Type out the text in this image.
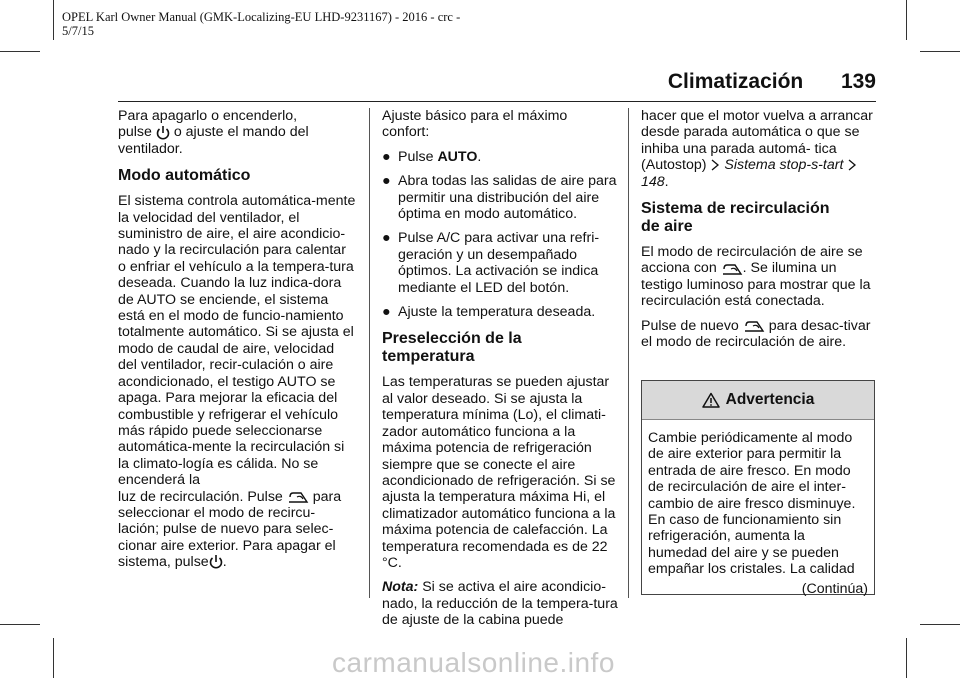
OPEL Karl Owner Manual (GMK-Localizing-EU LHD-9231167) - 2016 - crc -
5/7/15
Climatización 139

Para apagarlo o encenderlo,
pulse o ajuste el mando del
ventilador.

Modo automático

El sistema controla automática-mente la velocidad del ventilador, el suministro de aire, el aire acondicio-nado y la recirculación para calentar o enfriar el vehículo a la tempera-tura deseada. Cuando la luz indica-dora de AUTO se enciende, el sistema está en el modo de funcio-namiento totalmente automático. Si se ajusta el modo de caudal de aire, velocidad del ventilador, recir-culación o aire acondicionado, el testigo AUTO se apaga. Para mejorar la eficacia del combustible y refrigerar el vehículo más rápido puede seleccionarse automática-mente la recirculación si la climato-logía es cálida. No se encenderá la

luz de recirculación. Pulse para seleccionar el modo de recircu-lación; pulse de nuevo para selec-cionar aire exterior. Para apagar el sistema, pulse .

Ajuste básico para el máximo confort:

● Pulse AUTO.
● Abra todas las salidas de aire para permitir una distribución del aire óptima en modo automático.
● Pulse A/C para activar una refri-geración y un desempañado óptimos. La activación se indica mediante el LED del botón.
● Ajuste la temperatura deseada.
Preselección de la temperatura

Las temperaturas se pueden ajustar al valor deseado. Si se ajusta la temperatura mínima (Lo), el climati-zador automático funciona a la máxima potencia de refrigeración siempre que se conecte el aire acondicionado de refrigeración. Si se ajusta la temperatura máxima Hi, el climatizador automático funciona a la máxima potencia de calefacción. La temperatura recomendada es de 22 °C.

Nota: Si se activa el aire acondicio-nado, la reducción de la tempera-tura de ajuste de la cabina puede

hacer que el motor vuelva a arrancar desde parada automática o que se inhiba una parada automá- tica (Autostop) Sistema stop-s-tart 148.

Sistema de recirculación de aire

El modo de recirculación de aire se
acciona con . Se ilumina un testigo luminoso para mostrar que la recirculación está conectada.

Pulse de nuevo para desac-tivar el modo de recirculación de aire.

Advertencia
Cambie periódicamente al modo de aire exterior para permitir la entrada de aire fresco. En modo de recirculación de aire el inter-cambio de aire fresco disminuye. En caso de funcionamiento sin refrigeración, aumenta la humedad del aire y se pueden empañar los cristales. La calidad
(Continúa)
carmanualsonline.info
